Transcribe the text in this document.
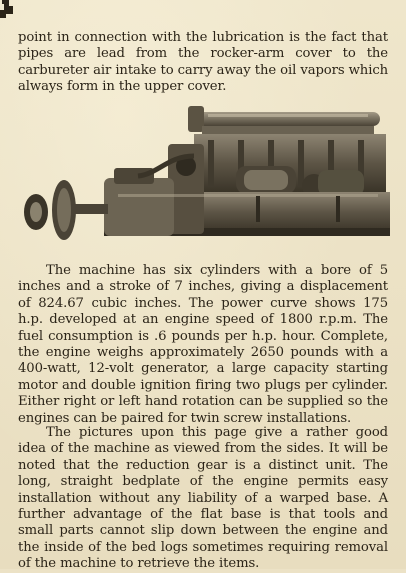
point in connection with the lubrication is the fact that pipes are lead from the rocker-arm cover to the carbureter air intake to carry away the oil vapors which always form in the upper cover.

The machine has six cylinders with a bore of 5 inches and a stroke of 7 inches, giving a displacement of 824.67 cubic inches. The power curve shows 175 h.p. developed at an engine speed of 1800 r.p.m. The fuel consumption is .6 pounds per h.p. hour. Complete, the engine weighs approximately 2650 pounds with a 400-watt, 12-volt generator, a large capacity starting motor and double ignition firing two plugs per cylinder. Either right or left hand rotation can be supplied so the engines can be paired for twin screw installations.

The pictures upon this page give a rather good idea of the machine as viewed from the sides. It will be noted that the reduction gear is a distinct unit. The long, straight bedplate of the engine permits easy installation without any liability of a warped base. A further advantage of the flat base is that tools and small parts cannot slip down between the engine and the inside of the bed logs sometimes requiring removal of the machine to retrieve the items.
